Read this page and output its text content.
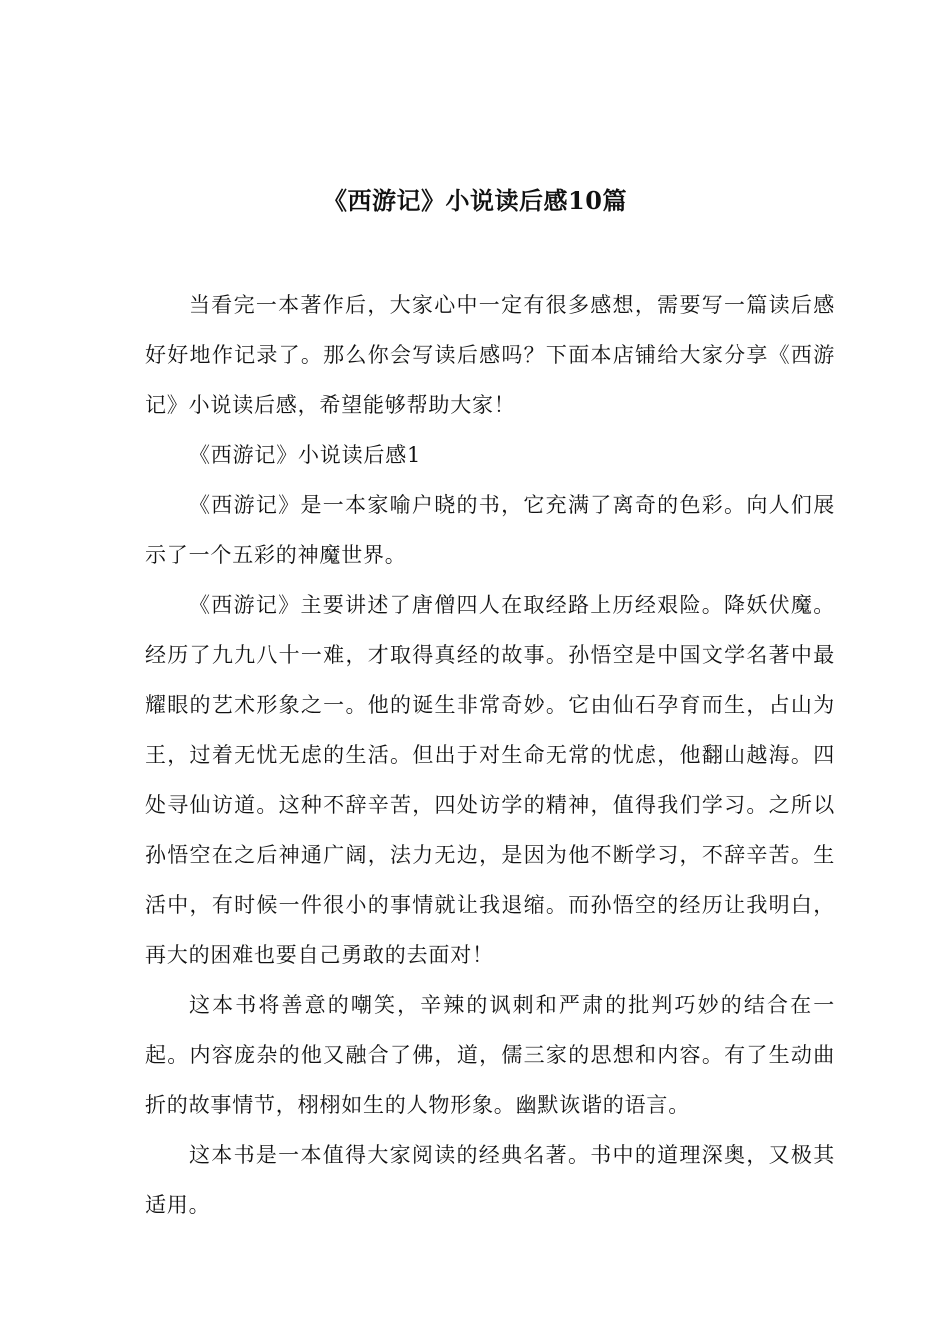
《西游记》小说读后感10篇

当看完一本著作后，大家心中一定有很多感想，需要写一篇读后感好好地作记录了。那么你会写读后感吗？下面本店铺给大家分享《西游记》小说读后感，希望能够帮助大家！

《西游记》小说读后感1

《西游记》是一本家喻户晓的书，它充满了离奇的色彩。向人们展示了一个五彩的神魔世界。

《西游记》主要讲述了唐僧四人在取经路上历经艰险。降妖伏魔。经历了九九八十一难，才取得真经的故事。孙悟空是中国文学名著中最耀眼的艺术形象之一。他的诞生非常奇妙。它由仙石孕育而生，占山为王，过着无忧无虑的生活。但出于对生命无常的忧虑，他翻山越海。四处寻仙访道。这种不辞辛苦，四处访学的精神，值得我们学习。之所以孙悟空在之后神通广阔，法力无边，是因为他不断学习，不辞辛苦。生活中，有时候一件很小的事情就让我退缩。而孙悟空的经历让我明白，再大的困难也要自己勇敢的去面对！

这本书将善意的嘲笑，辛辣的讽刺和严肃的批判巧妙的结合在一起。内容庞杂的他又融合了佛，道，儒三家的思想和内容。有了生动曲折的故事情节，栩栩如生的人物形象。幽默诙谐的语言。

这本书是一本值得大家阅读的经典名著。书中的道理深奥，又极其适用。
